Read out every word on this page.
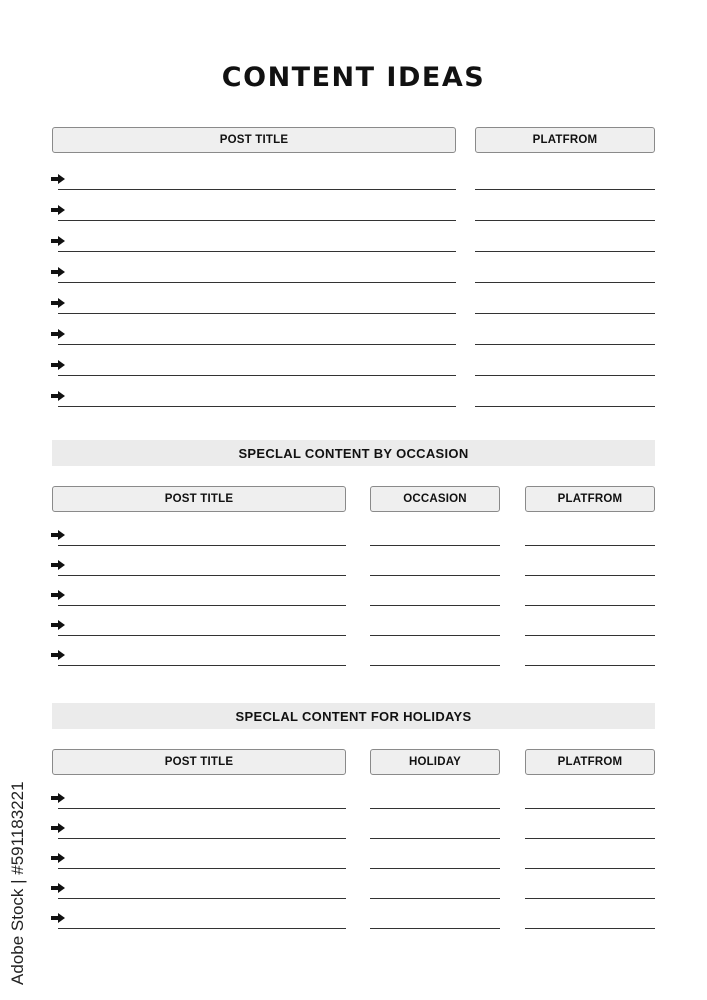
CONTENT IDEAS
POST TITLE	PLATFROM
SPECLAL CONTENT BY OCCASION
POST TITLE	OCCASION	PLATFROM
SPECLAL CONTENT FOR HOLIDAYS
POST TITLE	HOLIDAY	PLATFROM
Adobe Stock | #591183221
